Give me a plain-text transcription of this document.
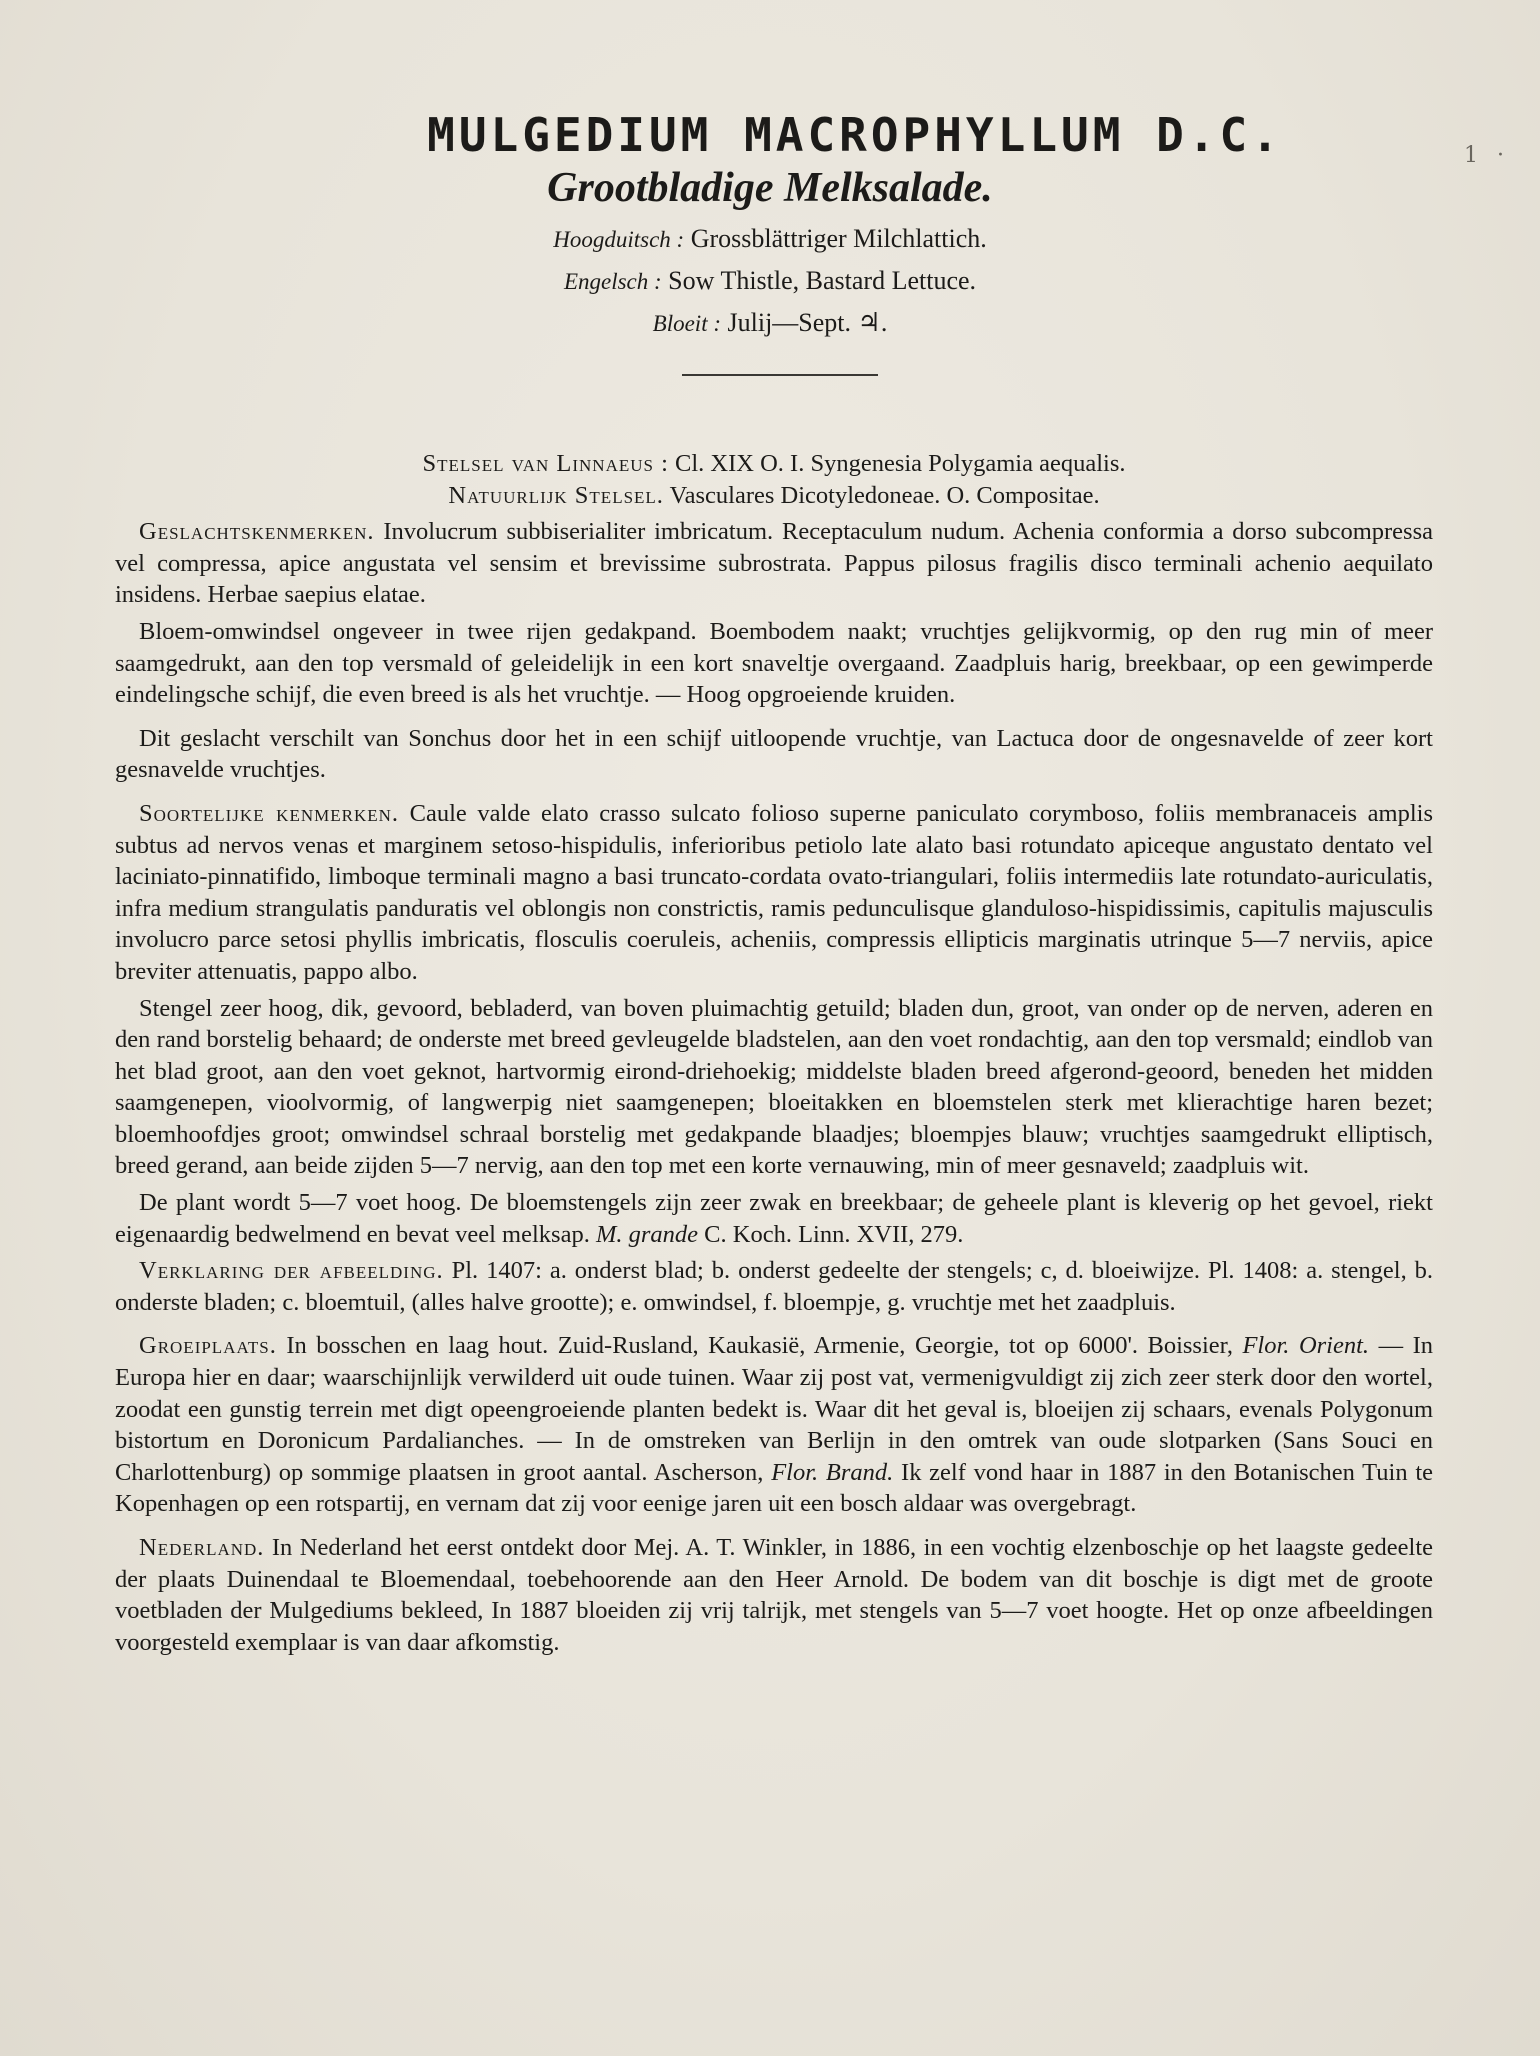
1 ·
MULGEDIUM MACROPHYLLUM D.C.
Grootbladige Melksalade.
Hoogduitsch : Grossblättriger Milchlattich.
Engelsch : Sow Thistle, Bastard Lettuce.
Bloeit : Julij—Sept. ♃.

Stelsel van Linnaeus : Cl. XIX O. I. Syngenesia Polygamia aequalis.

Natuurlijk Stelsel. Vasculares Dicotyledoneae. O. Compositae.

Geslachtskenmerken. Involucrum subbiserialiter imbricatum. Receptaculum nudum. Achenia conformia a dorso subcompressa vel compressa, apice angustata vel sensim et brevissime subrostrata. Pappus pilosus fragilis disco terminali achenio aequilato insidens. Herbae saepius elatae.

Bloem-omwindsel ongeveer in twee rijen gedakpand. Boembodem naakt; vruchtjes gelijkvormig, op den rug min of meer saamgedrukt, aan den top versmald of geleidelijk in een kort snaveltje overgaand. Zaadpluis harig, breekbaar, op een gewimperde eindelingsche schijf, die even breed is als het vruchtje. — Hoog opgroeiende kruiden.

Dit geslacht verschilt van Sonchus door het in een schijf uitloopende vruchtje, van Lactuca door de ongesnavelde of zeer kort gesnavelde vruchtjes.

Soortelijke kenmerken. Caule valde elato crasso sulcato folioso superne paniculato corymboso, foliis membranaceis amplis subtus ad nervos venas et marginem setoso-hispidulis, inferioribus petiolo late alato basi rotundato apiceque angustato dentato vel laciniato-pinnatifido, limboque terminali magno a basi truncato-cordata ovato-triangulari, foliis intermediis late rotundato-auriculatis, infra medium strangulatis panduratis vel oblongis non constrictis, ramis pedunculisque glanduloso-hispidissimis, capitulis majusculis involucro parce setosi phyllis imbricatis, flosculis coeruleis, acheniis, compressis ellipticis marginatis utrinque 5—7 nerviis, apice breviter attenuatis, pappo albo.

Stengel zeer hoog, dik, gevoord, bebladerd, van boven pluimachtig getuild; bladen dun, groot, van onder op de nerven, aderen en den rand borstelig behaard; de onderste met breed gevleugelde bladstelen, aan den voet rondachtig, aan den top versmald; eindlob van het blad groot, aan den voet geknot, hartvormig eirond-driehoekig; middelste bladen breed afgerond-geoord, beneden het midden saamgenepen, vioolvormig, of langwerpig niet saamgenepen; bloeitakken en bloemstelen sterk met klierachtige haren bezet; bloemhoofdjes groot; omwindsel schraal borstelig met gedakpande blaadjes; bloempjes blauw; vruchtjes saamgedrukt elliptisch, breed gerand, aan beide zijden 5—7 nervig, aan den top met een korte vernauwing, min of meer gesnaveld; zaadpluis wit.

De plant wordt 5—7 voet hoog. De bloemstengels zijn zeer zwak en breekbaar; de geheele plant is kleverig op het gevoel, riekt eigenaardig bedwelmend en bevat veel melksap. M. grande C. Koch. Linn. XVII, 279.

Verklaring der afbeelding. Pl. 1407: a. onderst blad; b. onderst gedeelte der stengels; c, d. bloeiwijze. Pl. 1408: a. stengel, b. onderste bladen; c. bloemtuil, (alles halve grootte); e. omwindsel, f. bloempje, g. vruchtje met het zaadpluis.

Groeiplaats. In bosschen en laag hout. Zuid-Rusland, Kaukasië, Armenie, Georgie, tot op 6000'. Boissier, Flor. Orient. — In Europa hier en daar; waarschijnlijk verwilderd uit oude tuinen. Waar zij post vat, vermenigvuldigt zij zich zeer sterk door den wortel, zoodat een gunstig terrein met digt opeengroeiende planten bedekt is. Waar dit het geval is, bloeijen zij schaars, evenals Polygonum bistortum en Doronicum Pardalianches. — In de omstreken van Berlijn in den omtrek van oude slotparken (Sans Souci en Charlottenburg) op sommige plaatsen in groot aantal. Ascherson, Flor. Brand. Ik zelf vond haar in 1887 in den Botanischen Tuin te Kopenhagen op een rotspartij, en vernam dat zij voor eenige jaren uit een bosch aldaar was overgebragt.

Nederland. In Nederland het eerst ontdekt door Mej. A. T. Winkler, in 1886, in een vochtig elzenboschje op het laagste gedeelte der plaats Duinendaal te Bloemendaal, toebehoorende aan den Heer Arnold. De bodem van dit boschje is digt met de groote voetbladen der Mulgediums bekleed, In 1887 bloeiden zij vrij talrijk, met stengels van 5—7 voet hoogte. Het op onze afbeeldingen voorgesteld exemplaar is van daar afkomstig.
